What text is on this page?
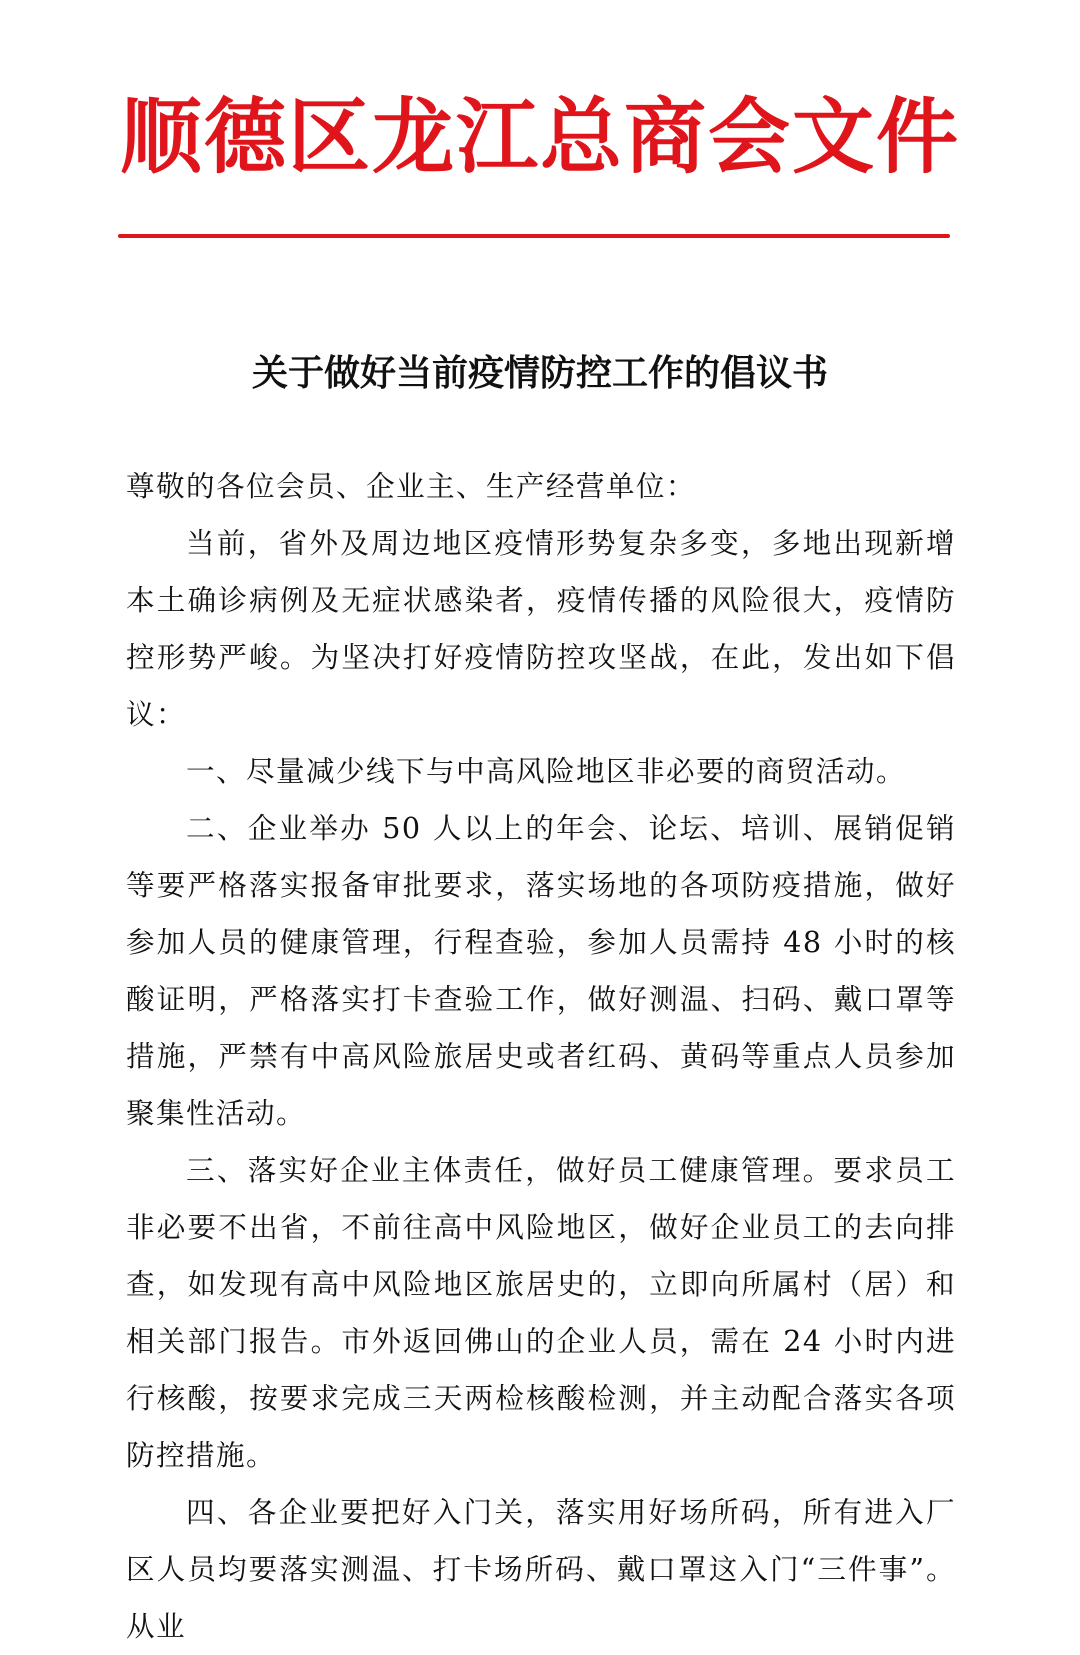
顺德区龙江总商会文件
关于做好当前疫情防控工作的倡议书

尊敬的各位会员、企业主、生产经营单位：

当前，省外及周边地区疫情形势复杂多变，多地出现新增本土确诊病例及无症状感染者，疫情传播的风险很大，疫情防控形势严峻。为坚决打好疫情防控攻坚战，在此，发出如下倡议：

一、尽量减少线下与中高风险地区非必要的商贸活动。

二、企业举办 50 人以上的年会、论坛、培训、展销促销等要严格落实报备审批要求，落实场地的各项防疫措施，做好参加人员的健康管理，行程查验，参加人员需持 48 小时的核酸证明，严格落实打卡查验工作，做好测温、扫码、戴口罩等措施，严禁有中高风险旅居史或者红码、黄码等重点人员参加聚集性活动。

三、落实好企业主体责任，做好员工健康管理。要求员工非必要不出省，不前往高中风险地区，做好企业员工的去向排查，如发现有高中风险地区旅居史的，立即向所属村（居）和相关部门报告。市外返回佛山的企业人员，需在 24 小时内进行核酸，按要求完成三天两检核酸检测，并主动配合落实各项防控措施。

四、各企业要把好入门关，落实用好场所码，所有进入厂区人员均要落实测温、打卡场所码、戴口罩这入门“三件事”。从业
